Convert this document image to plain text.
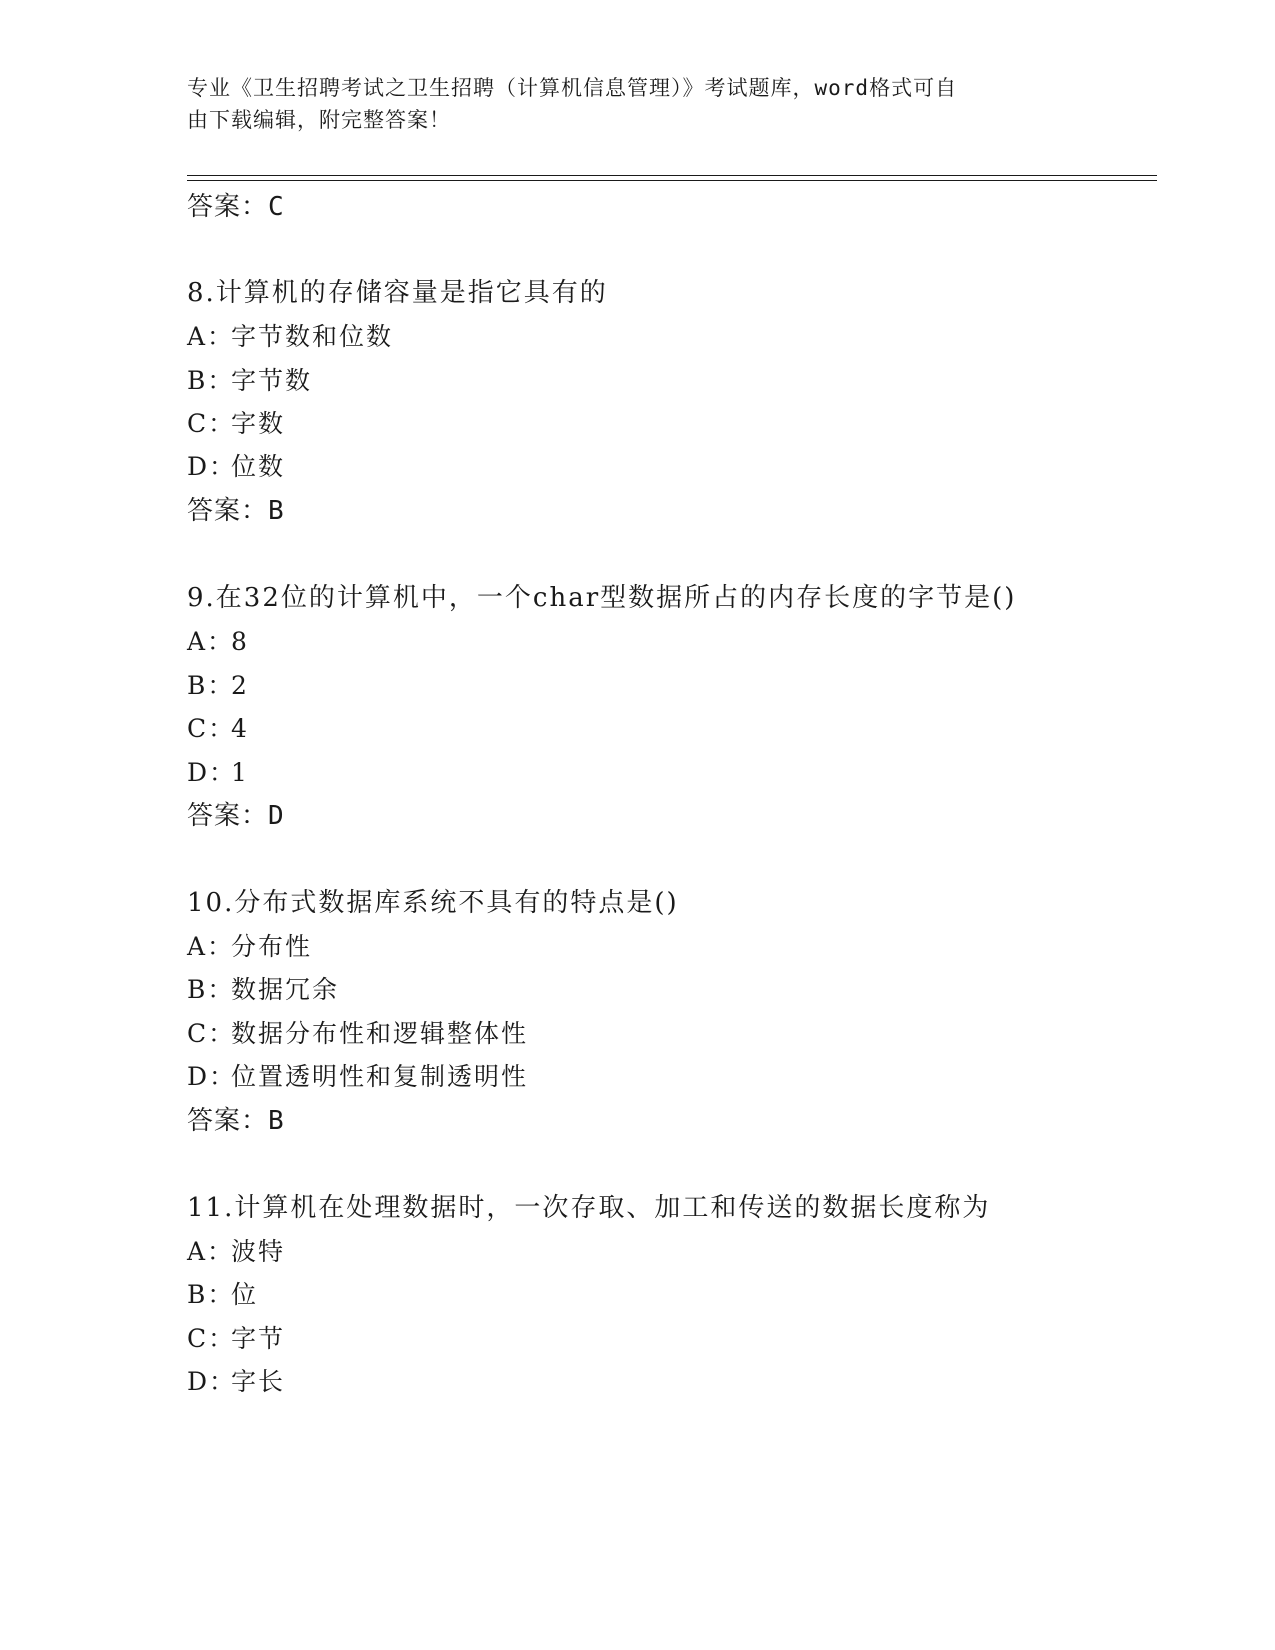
专业《卫生招聘考试之卫生招聘（计算机信息管理）》考试题库，word格式可自
由下载编辑，附完整答案！
答案：C
8.计算机的存储容量是指它具有的
A：字节数和位数
B：字节数
C：字数
D：位数
答案：B
9.在32位的计算机中，一个char型数据所占的内存长度的字节是()
A：8
B：2
C：4
D：1
答案：D
10.分布式数据库系统不具有的特点是()
A：分布性
B：数据冗余
C：数据分布性和逻辑整体性
D：位置透明性和复制透明性
答案：B
11.计算机在处理数据时，一次存取、加工和传送的数据长度称为
A：波特
B：位
C：字节
D：字长
